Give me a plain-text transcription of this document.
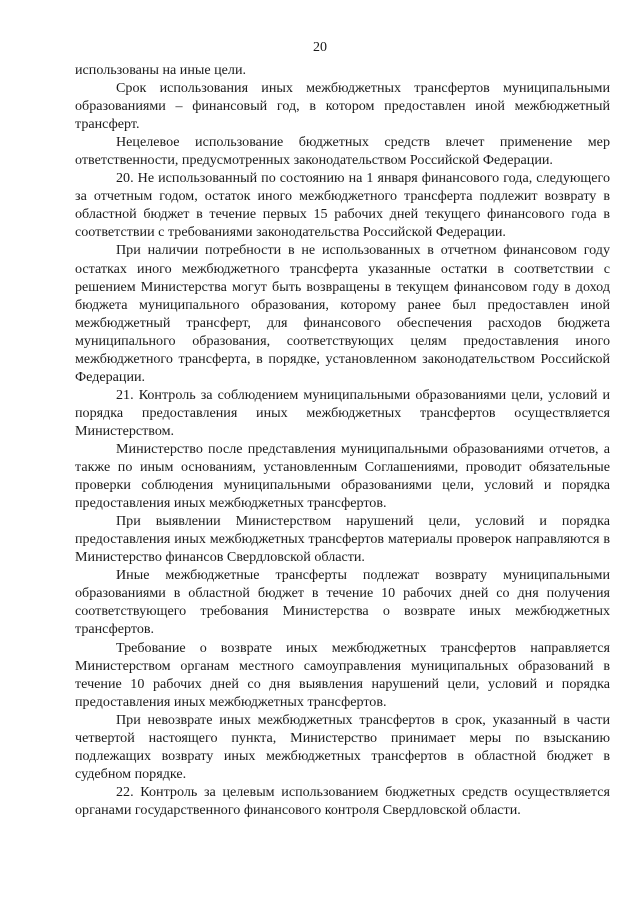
20

использованы на иные цели.

Срок использования иных межбюджетных трансфертов муниципальными образованиями – финансовый год, в котором предоставлен иной межбюджетный трансферт.

Нецелевое использование бюджетных средств влечет применение мер ответственности, предусмотренных законодательством Российской Федерации.

20. Не использованный по состоянию на 1 января финансового года, следующего за отчетным годом, остаток иного межбюджетного трансферта подлежит возврату в областной бюджет в течение первых 15 рабочих дней текущего финансового года в соответствии с требованиями законодательства Российской Федерации.

При наличии потребности в не использованных в отчетном финансовом году остатках иного межбюджетного трансферта указанные остатки в соответствии с решением Министерства могут быть возвращены в текущем финансовом году в доход бюджета муниципального образования, которому ранее был предоставлен иной межбюджетный трансферт, для финансового обеспечения расходов бюджета муниципального образования, соответствующих целям предоставления иного межбюджетного трансферта, в порядке, установленном законодательством Российской Федерации.

21. Контроль за соблюдением муниципальными образованиями цели, условий и порядка предоставления иных межбюджетных трансфертов осуществляется Министерством.

Министерство после представления муниципальными образованиями отчетов, а также по иным основаниям, установленным Соглашениями, проводит обязательные проверки соблюдения муниципальными образованиями цели, условий и порядка предоставления иных межбюджетных трансфертов.

При выявлении Министерством нарушений цели, условий и порядка предоставления иных межбюджетных трансфертов материалы проверок направляются в Министерство финансов Свердловской области.

Иные межбюджетные трансферты подлежат возврату муниципальными образованиями в областной бюджет в течение 10 рабочих дней со дня получения соответствующего требования Министерства о возврате иных межбюджетных трансфертов.

Требование о возврате иных межбюджетных трансфертов направляется Министерством органам местного самоуправления муниципальных образований в течение 10 рабочих дней со дня выявления нарушений цели, условий и порядка предоставления иных межбюджетных трансфертов.

При невозврате иных межбюджетных трансфертов в срок, указанный в части четвертой настоящего пункта, Министерство принимает меры по взысканию подлежащих возврату иных межбюджетных трансфертов в областной бюджет в судебном порядке.

22. Контроль за целевым использованием бюджетных средств осуществляется органами государственного финансового контроля Свердловской области.
